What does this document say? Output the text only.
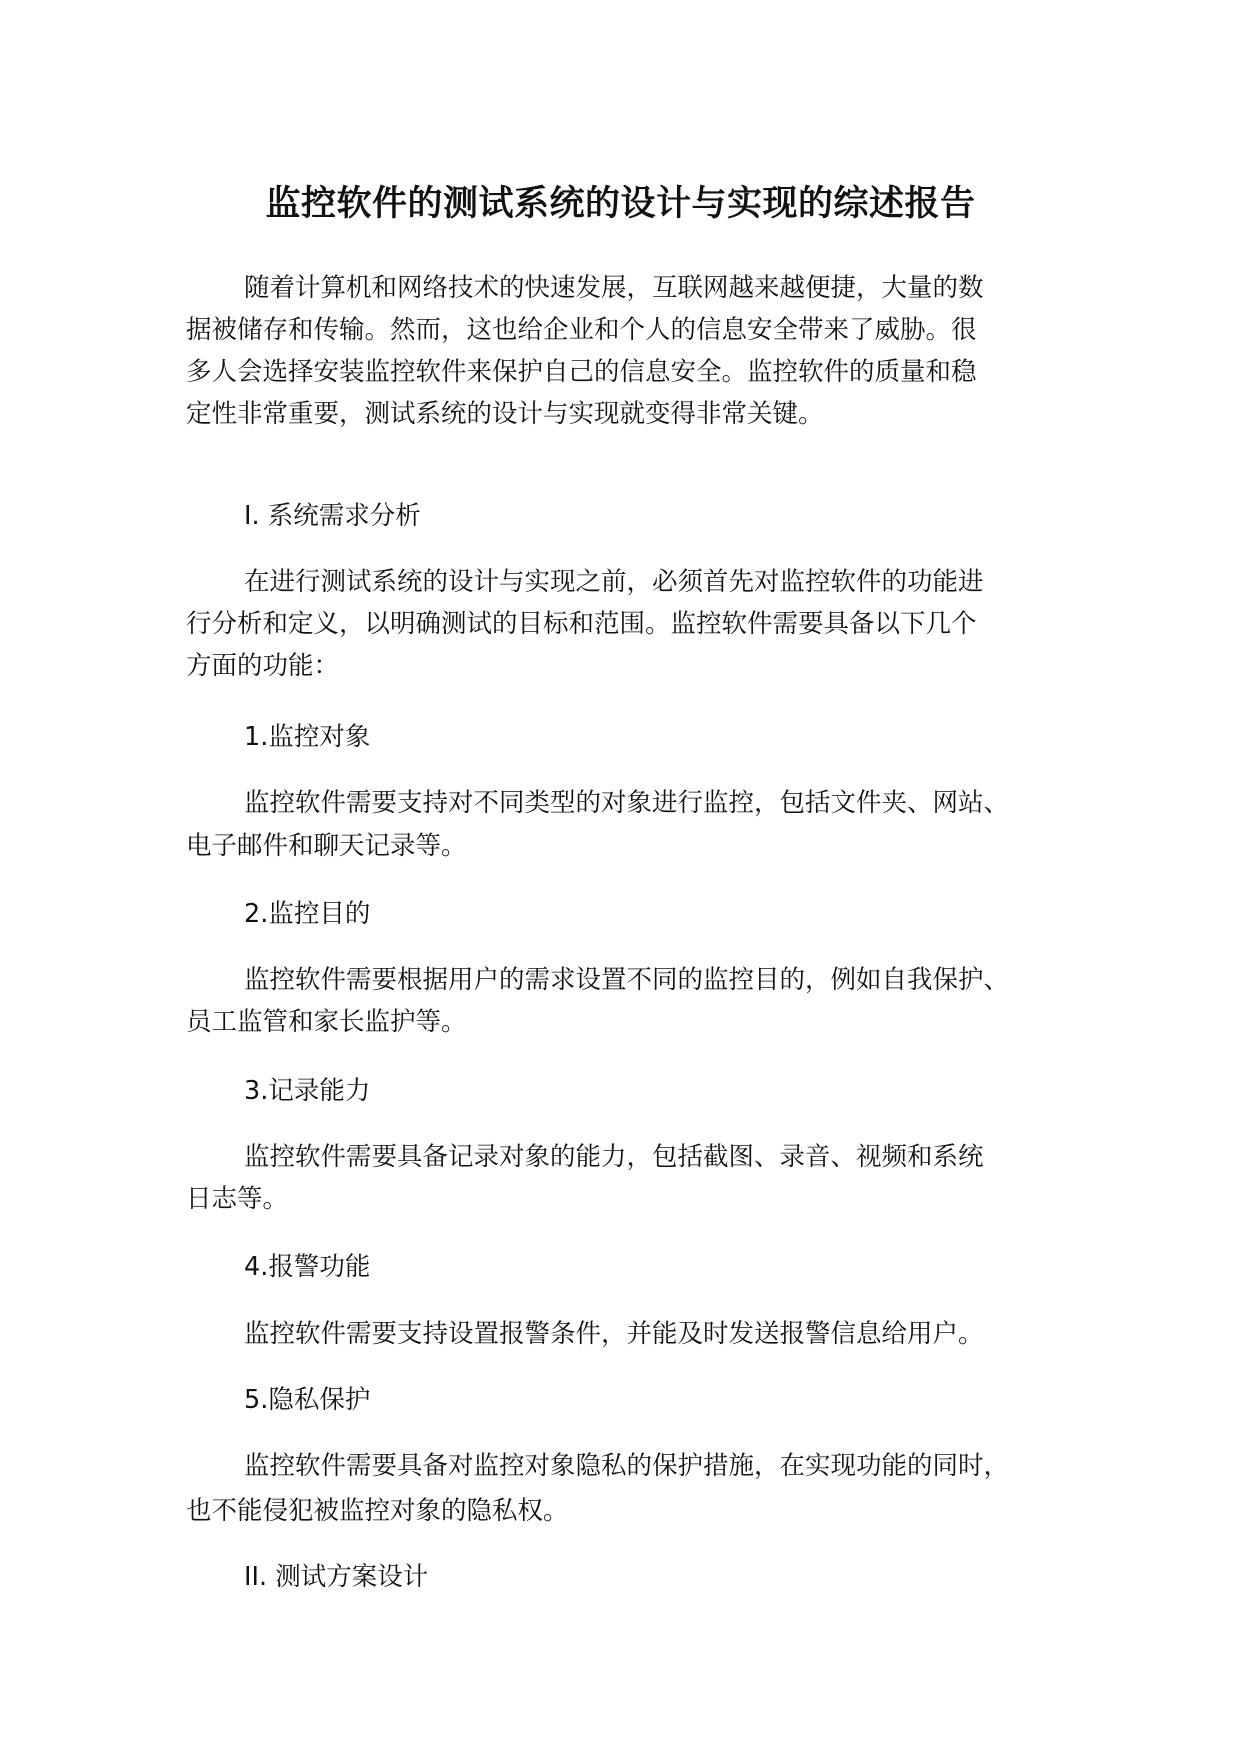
监控软件的测试系统的设计与实现的综述报告
随着计算机和网络技术的快速发展，互联网越来越便捷，大量的数
据被储存和传输。然而，这也给企业和个人的信息安全带来了威胁。很
多人会选择安装监控软件来保护自己的信息安全。监控软件的质量和稳
定性非常重要，测试系统的设计与实现就变得非常关键。
I. 系统需求分析
在进行测试系统的设计与实现之前，必须首先对监控软件的功能进
行分析和定义，以明确测试的目标和范围。监控软件需要具备以下几个
方面的功能：
1.监控对象
监控软件需要支持对不同类型的对象进行监控，包括文件夹、网站、
电子邮件和聊天记录等。
2.监控目的
监控软件需要根据用户的需求设置不同的监控目的，例如自我保护、
员工监管和家长监护等。
3.记录能力
监控软件需要具备记录对象的能力，包括截图、录音、视频和系统
日志等。
4.报警功能
监控软件需要支持设置报警条件，并能及时发送报警信息给用户。
5.隐私保护
监控软件需要具备对监控对象隐私的保护措施，在实现功能的同时，
也不能侵犯被监控对象的隐私权。
II. 测试方案设计
